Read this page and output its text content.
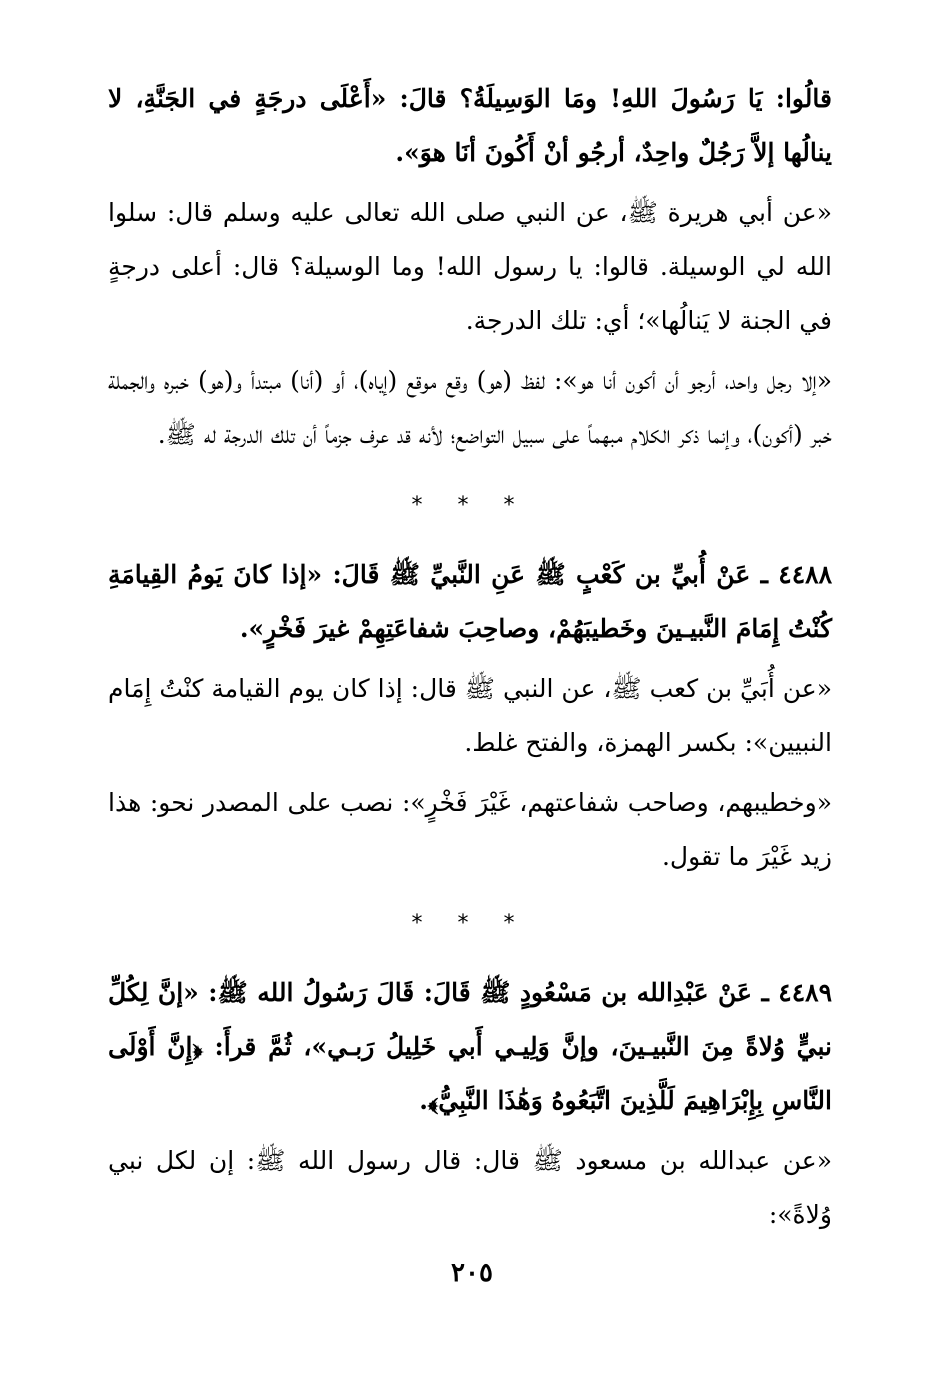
قالُوا: يَا رَسُولَ اللهِ! ومَا الوَسِيلَةُ؟ قالَ: «أَعْلَى درجَةٍ في الجَنَّةِ، لا ينالُها إلاَّ رَجُلٌ واحِدٌ، أرجُو أنْ أَكُونَ أنَا هوَ».

«عن أبي هريرة ﷺ، عن النبي صلى الله تعالى عليه وسلم قال: سلوا الله لي الوسيلة. قالوا: يا رسول الله! وما الوسيلة؟ قال: أعلى درجةٍ في الجنة لا يَنالُها»؛ أي: تلك الدرجة.

«إلا رجل واحد، أرجو أن أكون أنا هو»: لفظ (هو) وقع موقع (إياه)، أو (أنا) مبتدأ و(هو) خبره والجملة خبر (أكون)، وإنما ذكر الكلام مبهماً على سبيل التواضع؛ لأنه قد عرف جزماً أن تلك الدرجة له ﷺ.

* * *

٤٤٨٨ ـ عَنْ أُبيِّ بن كَعْبٍ ﷺ عَنِ النَّبيِّ ﷺ قَالَ: «إذا كانَ يَومُ القِيامَةِ كُنْتُ إِمَامَ النَّبيـينَ وخَطيبَهُمْ، وصاحِبَ شفاعَتِهِمْ غيرَ فَخْرٍ».

«عن أُبَيِّ بن كعب ﷺ، عن النبي ﷺ قال: إذا كان يوم القيامة كنْتُ إِمَام النبيين»: بكسر الهمزة، والفتح غلط.

«وخطيبهم، وصاحب شفاعتهم، غَيْرَ فَخْرٍ»: نصب على المصدر نحو: هذا زيد غَيْرَ ما تقول.

* * *

٤٤٨٩ ـ عَنْ عَبْدِالله بن مَسْعُودٍ ﷺ قَالَ: قَالَ رَسُولُ الله ﷺ: «إنَّ لِكُلِّ نبيٍّ وُلاةً مِنَ النَّبيـينَ، وإنَّ وَلِيـي أَبي خَلِيلُ رَبـي»، ثُمَّ قرأَ: ﴿إِنَّ أَوْلَى النَّاسِ بِإِبْرَاهِيمَ لَلَّذِينَ اتَّبَعُوهُ وَهَٰذَا النَّبِيُّ﴾.

«عن عبدالله بن مسعود ﷺ قال: قال رسول الله ﷺ: إن لكل نبي وُلاةً»:

٢٠٥
